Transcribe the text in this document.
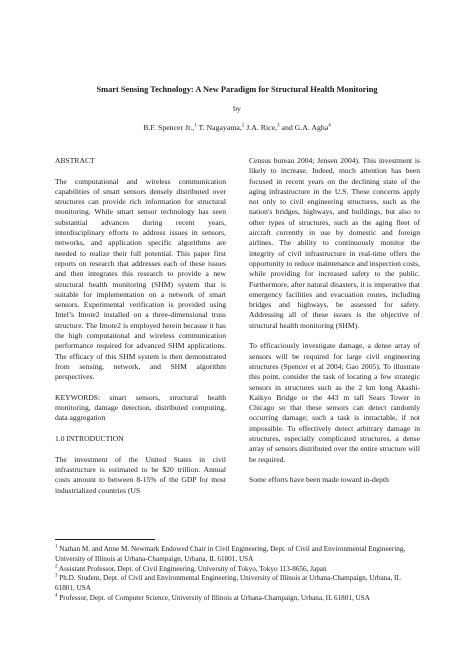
Smart Sensing Technology: A New Paradigm for Structural Health Monitoring
by
B.F. Spencer Jr.,$^1$ T. Nagayama,$^2$ J.A. Rice,$^3$ and G.A. Agha$^4$
ABSTRACT

The computational and wireless communication capabilities of smart sensors densely distributed over structures can provide rich information for structural monitoring. While smart sensor technology has seen substantial advances during recent years, interdisciplinary efforts to address issues in sensors, networks, and application specific algorithms are needed to realize their full potential. This paper first reports on research that addresses each of these issues and then integrates this research to provide a new structural health monitoring (SHM) system that is suitable for implementation on a network of smart sensors. Experimental verification is provided using Intel’s Imote2 installed on a three-dimensional truss structure. The Imote2 is employed herein because it has the high computational and wireless communication performance required for advanced SHM applications. The efficacy of this SHM system is then demonstrated from sensing, network, and SHM algorithm perspectives.

KEYWORDS: smart sensors, structural health monitoring, damage detection, distributed computing, data aggregation

1.0 INTRODUCTION

The investment of the United States in civil infrastructure is estimated to be $20 trillion. Annual costs amount to between 8-15% of the GDP for most industrialized countries (US

Census bureau 2004; Jensen 2004). This investment is likely to increase. Indeed, much attention has been focused in recent years on the declining state of the aging infrastructure in the U.S. These concerns apply not only to civil engineering structures, such as the nation's bridges, highways, and buildings, but also to other types of structures, such as the aging fleet of aircraft currently in use by domestic and foreign airlines. The ability to continuously monitor the integrity of civil infrastructure in real-time offers the opportunity to reduce maintenance and inspection costs, while providing for increased safety to the public. Furthermore, after natural disasters, it is imperative that emergency facilities and evacuation routes, including bridges and highways, be assessed for safety. Addressing all of these issues is the objective of structural health monitoring (SHM).

To efficaciously investigate damage, a dense array of sensors will be required for large civil engineering structures (Spencer et al 2004; Gao 2005). To illustrate this point, consider the task of locating a few strategic sensors in structures such as the 2 km long Akashi-Kaikyo Bridge or the 443 m tall Sears Tower in Chicago so that these sensors can detect randomly occurring damage; such a task is intractable, if not impossible. To effectively detect arbitrary damage in structures, especially complicated structures, a dense array of sensors distributed over the entire structure will be required.

Some efforts have been made toward in-depth

$^1$ Nathan M. and Anne M. Newmark Endowed Chair in Civil Engineering, Dept. of Civil and Environmental Engineering, University of Illinois at Urbana-Champaign, Urbana, IL 61801, USA

$^2$ Assistant Professor, Dept. of Civil Engineering, University of Tokyo, Tokyo 113-8656, Japan

$^3$ Ph.D. Student, Dept. of Civil and Environmental Engineering, University of Illinois at Urbana-Champaign, Urbana, IL 61801, USA

$^4$ Professor, Dept. of Computer Science, University of Illinois at Urbana-Champaign, Urbana, IL 61801, USA
